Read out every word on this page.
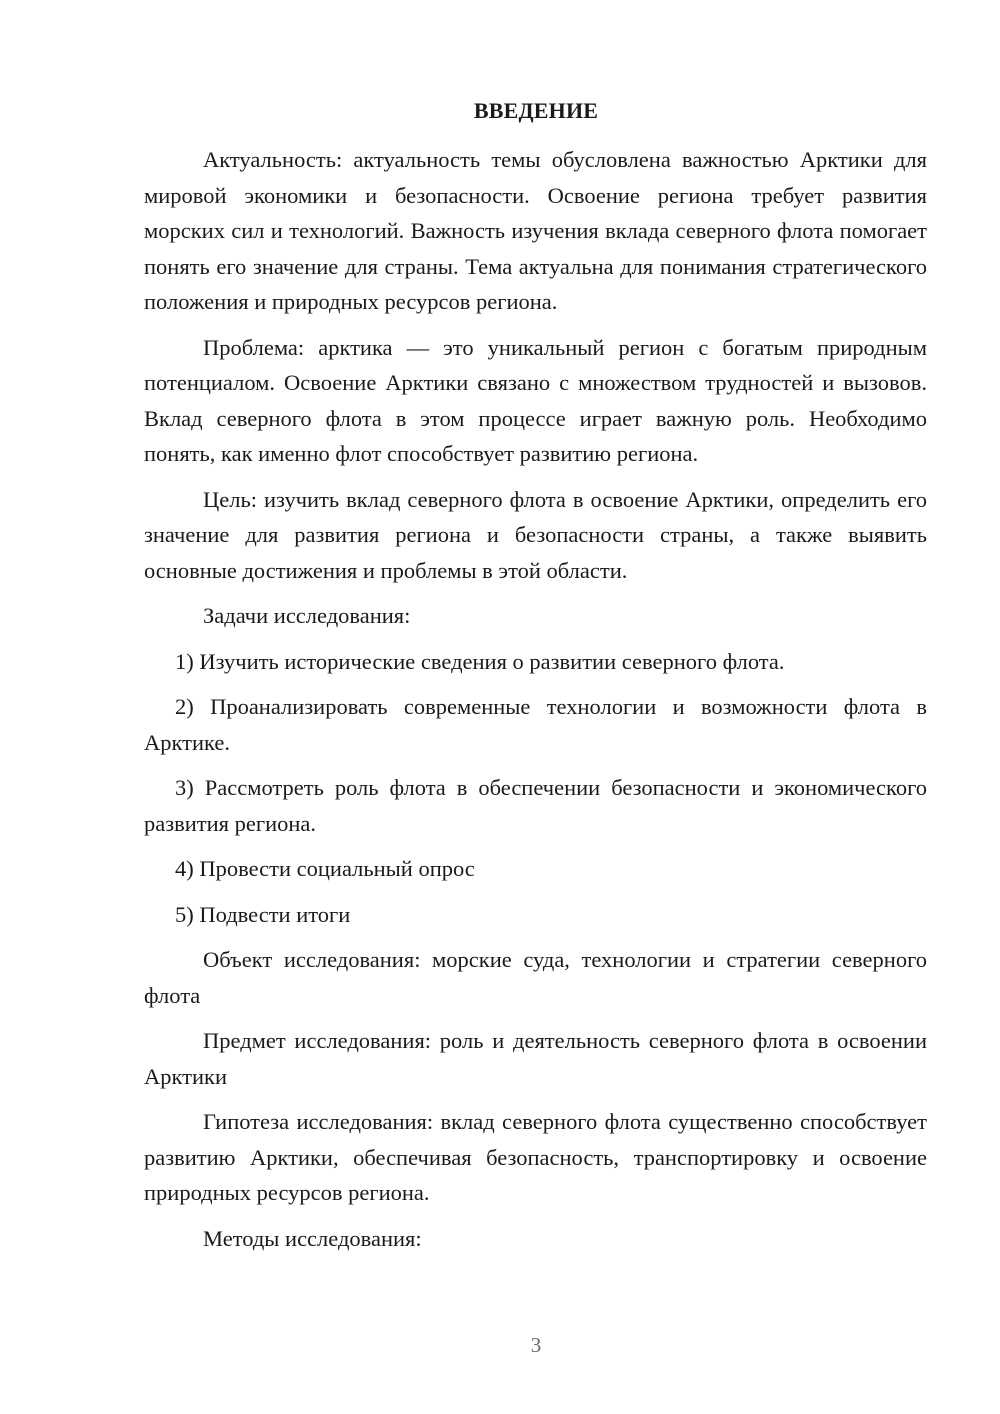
ВВЕДЕНИЕ

Актуальность: актуальность темы обусловлена важностью Арктики для мировой экономики и безопасности. Освоение региона требует развития морских сил и технологий. Важность изучения вклада северного флота помогает понять его значение для страны. Тема актуальна для понимания стратегического положения и природных ресурсов региона.

Проблема: арктика — это уникальный регион с богатым природным потенциалом. Освоение Арктики связано с множеством трудностей и вызовов. Вклад северного флота в этом процессе играет важную роль. Необходимо понять, как именно флот способствует развитию региона.

Цель: изучить вклад северного флота в освоение Арктики, определить его значение для развития региона и безопасности страны, а также выявить основные достижения и проблемы в этой области.

Задачи исследования:

1) Изучить исторические сведения о развитии северного флота.

2) Проанализировать современные технологии и возможности флота в Арктике.

3) Рассмотреть роль флота в обеспечении безопасности и экономического развития региона.

4) Провести социальный опрос

5) Подвести итоги

Объект исследования: морские суда, технологии и стратегии северного флота

Предмет исследования: роль и деятельность северного флота в освоении Арктики

Гипотеза исследования: вклад северного флота существенно способствует развитию Арктики, обеспечивая безопасность, транспортировку и освоение природных ресурсов региона.

Методы исследования:

3
